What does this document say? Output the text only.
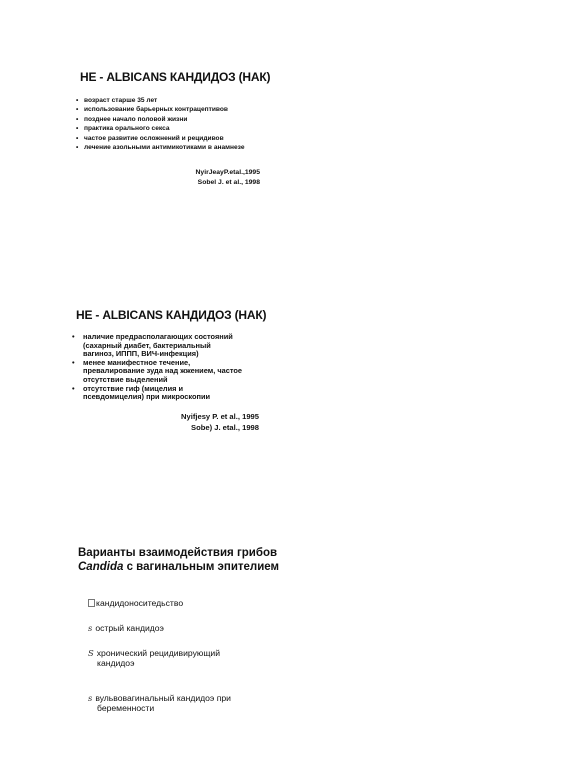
НЕ - ALBICANS КАНДИДОЗ (НАК)
• возраст старше 35 лет
• использование барьерных контрацептивов
• позднее начало половой жизни
• практика орального секса
• частое развитие осложнений и рецидивов
• лечение азольными антимикотиками в анамнезе
NyirJeayP.etal.,1995
Sobel J. et al., 1998
НЕ - ALBICANS КАНДИДОЗ (НАК)
• наличие предрасполагающих состояний
(сахарный диабет, бактериальный
вагиноз, ИППП, ВИЧ-инфекция)
• менее манифестное течение,
превалирование зуда над жжением, частое
отсутствие выделений
• отсутствие гиф (мицелия и
псевдомицелия) при микроскопии
Nyifjesy P. et al., 1995
Sobe) J. etal., 1998
Варианты взаимодействия грибов
Candida с вагинальным эпителием

кандидоноситедьство

s острый кандидоэ

S хронический рецидивирующий

кандидоэ

s вульвовагинальный кандидоэ при

беременности
